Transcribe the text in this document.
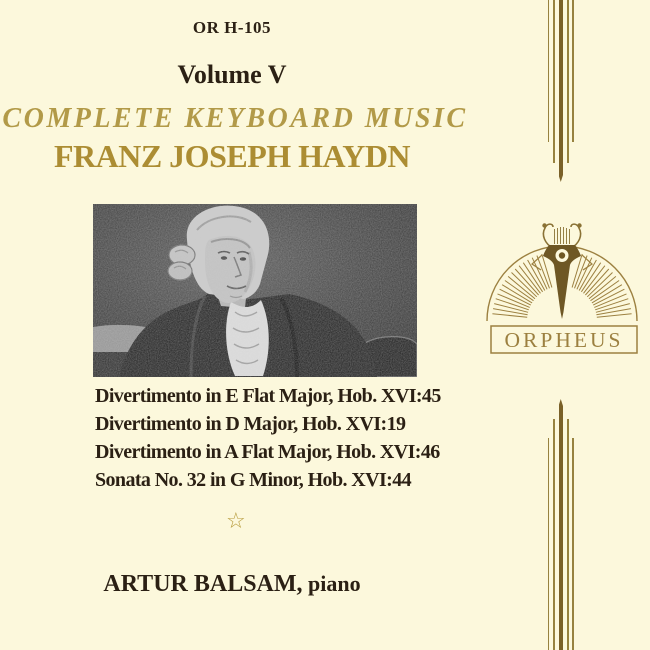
OR H-105
Volume V
COMPLETE KEYBOARD MUSIC
FRANZ JOSEPH HAYDN
Divertimento in E Flat Major, Hob. XVI:45
Divertimento in D Major, Hob. XVI:19
Divertimento in A Flat Major, Hob. XVI:46
Sonata No. 32 in G Minor, Hob. XVI:44
☆
ARTUR BALSAM, piano
ORPHEUS
